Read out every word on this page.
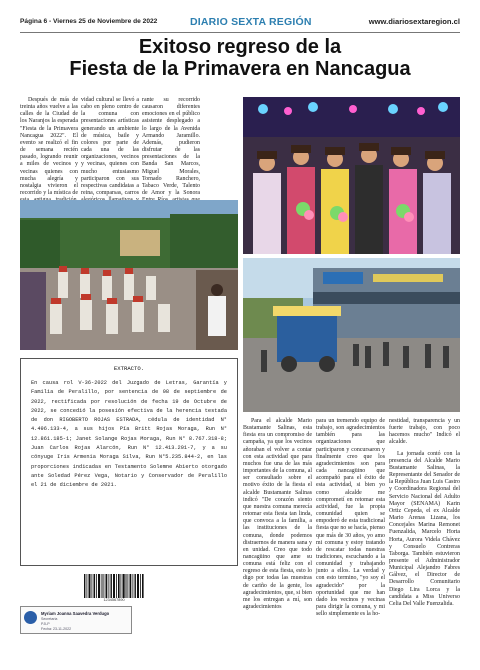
Página 6 - Viernes 25 de Noviembre de 2022	DIARIO SEXTA REGIÓN	www.diariosextaregion.cl
Exitoso regreso de la
Fiesta de la Primavera en Nancagua

Después de más de treinta años vuelve a las calles de la Ciudad de los Naranjos la esperada "Fiesta de la Primavera Nancagua 2022". El evento se realizó el fin de semana recién pasado, logrando reunir a miles de vecinos y vecinas quienes con mucha alegría y nostalgia vivieron el recorrido y la mística de

vidad cultural se llevó a cabo en pleno centro de la comuna con presentaciones artísticas generando un ambiente de música, baile y colores por parte de cada una de las organizaciones, vecinos y vecinas, quienes con mucho entusiasmo participaron con sus respectivas candidatas a reina, comparsas, carros

rante su recorrido causaron diferentes emociones en el público asistente desplegado a lo largo de la Avenida Armando Jaramillo. Además, pudieron disfrutar de las presentaciones de la Banda San Marcos, Miguel Morales, Tornado Ranchero, Tabaco Verde, Talento de Amor y la Sonora

EXTRACTO.
En causa rol V-36-2022 del Juzgado de Letras, Garantía y Familia de Peralillo, por sentencia de 08 de septiembre de 2022, rectificada por resolución de fecha 19 de Octubre de 2022, se concedió la posesión efectiva de la herencia testada de don RIGOBERTO ROJAS ESTRADA, cédula de identidad N° 4.496.133-4, a sus hijos Pía Britt Rojas Moraga, Run N° 12.861.185-1; Janet Solange Rojas Moraga, Run N° 8.767.318-8; Juan Carlos Rojas Alarcón, Run N° 12.413.201-7, y a su cónyuge Iris Armenia Moraga Silva, Run N°5.235.844-2, en las proporciones indicadas en Testamento Solemne Abierto otorgado ante Soledad Pérez Vega, Notario y Conservador de Peralillo el 21 de diciembre de 2021.
1234567890
Myriam Joanna Saavedra Verdugo
Secretaria
PJLP
Fecha: 23-11-2022

Para el alcalde Mario Bustamante Salinas, esta fiesta era un compromiso de campaña, ya que los vecinos añoraban el volver a contar con esta actividad que para muchos fue una de las más importantes de la comuna, al ser consultado sobre el motivo éxito de la fiesta el alcalde Bustamante Salinas indicó "De corazón siento que nuestra comuna merecía retomar esta fiesta tan linda, que convoca a la familia, a las instituciones de la comuna, donde podemos distraernos de manera sana y en unidad. Creo que todo nancagüino que ame su comuna está feliz con el regreso de esta fiesta, esto lo digo por todas las muestras de cariño de la gente, los agradecimientos, que, si bien me los entregan a mí, son agradecimientos

para un tremendo equipo de trabajo, son agradecimientos también para las organizaciones que participaron y concursaron y finalmente creo que los agradecimientos son para cada nancagüino que acompañó para el éxito de esta actividad, si bien yo como alcalde me comprometí en retomar esta actividad, fue la propia comunidad quien se empoderó de esta tradicional fiesta que no se hacía, pienso que más de 30 años, yo amo mi comuna y estoy tratando de rescatar todas nuestras tradiciones, escuchando a la comunidad y trabajando junto a ellos. La verdad y con esto termino, "yo soy el agradecido" por la oportunidad que me han dado los vecinos y vecinas para dirigir la comuna, y mi sello simplemente es la ho-

nestidad, transparencia y un fuerte trabajo, con poco hacemos mucho" Indicó el alcalde.

La jornada contó con la presencia del Alcalde Mario Bustamante Salinas, la Representante del Senador de la República Juan Luis Castro y Coordinadora Regional del Servicio Nacional del Adulto Mayor (SENAMA) Karin Ortiz Cepeda, el ex Alcalde Mario Arenas Lizana, los Concejales Marina Remonet Fuenzalida, Marcelo Horta Horta, Aurora Videla Chávez y Consuelo Contreras Taborga. También estuvieron presente el Administrador Municipal Alejandro Fabres Gálvez, el Director de Desarrollo Comunitario Diego Lira Lorca y la candidata a Miss Universo Celia Del Valle Fuenzalida.
